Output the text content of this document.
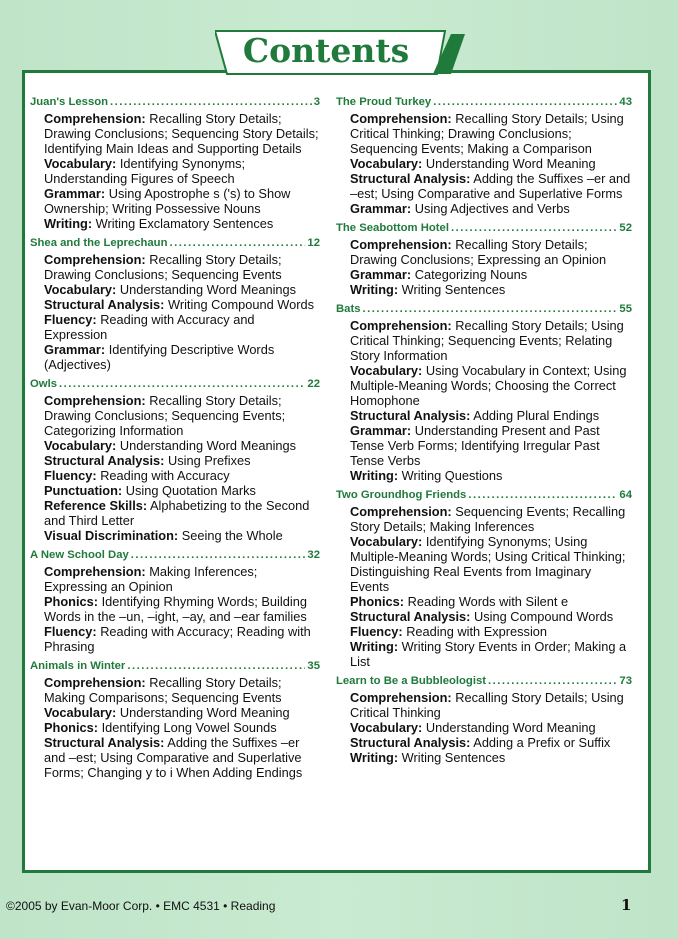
Contents
Juan's Lesson .....	3
Comprehension: Recalling Story Details; Drawing Conclusions; Sequencing Story Details; Identifying Main Ideas and Supporting Details
Vocabulary: Identifying Synonyms; Understanding Figures of Speech
Grammar: Using Apostrophe s ('s) to Show Ownership; Writing Possessive Nouns
Writing: Writing Exclamatory Sentences
Shea and the Leprechaun .....	12
Comprehension: Recalling Story Details; Drawing Conclusions; Sequencing Events
Vocabulary: Understanding Word Meanings
Structural Analysis: Writing Compound Words
Fluency: Reading with Accuracy and Expression
Grammar: Identifying Descriptive Words (Adjectives)
Owls .....	22
Comprehension: Recalling Story Details; Drawing Conclusions; Sequencing Events; Categorizing Information
Vocabulary: Understanding Word Meanings
Structural Analysis: Using Prefixes
Fluency: Reading with Accuracy
Punctuation: Using Quotation Marks
Reference Skills: Alphabetizing to the Second and Third Letter
Visual Discrimination: Seeing the Whole
A New School Day .....	32
Comprehension: Making Inferences; Expressing an Opinion
Phonics: Identifying Rhyming Words; Building Words in the –un, –ight, –ay, and –ear families
Fluency: Reading with Accuracy; Reading with Phrasing
Animals in Winter .....	35
Comprehension: Recalling Story Details; Making Comparisons; Sequencing Events
Vocabulary: Understanding Word Meaning
Phonics: Identifying Long Vowel Sounds
Structural Analysis: Adding the Suffixes –er and –est; Using Comparative and Superlative Forms; Changing y to i When Adding Endings
The Proud Turkey .....	43
Comprehension: Recalling Story Details; Using Critical Thinking; Drawing Conclusions; Sequencing Events; Making a Comparison
Vocabulary: Understanding Word Meaning
Structural Analysis: Adding the Suffixes –er and –est; Using Comparative and Superlative Forms
Grammar: Using Adjectives and Verbs
The Seabottom Hotel .....	52
Comprehension: Recalling Story Details; Drawing Conclusions; Expressing an Opinion
Grammar: Categorizing Nouns
Writing: Writing Sentences
Bats .....	55
Comprehension: Recalling Story Details; Using Critical Thinking; Sequencing Events; Relating Story Information
Vocabulary: Using Vocabulary in Context; Using Multiple-Meaning Words; Choosing the Correct Homophone
Structural Analysis: Adding Plural Endings
Grammar: Understanding Present and Past Tense Verb Forms; Identifying Irregular Past Tense Verbs
Writing: Writing Questions
Two Groundhog Friends .....	64
Comprehension: Sequencing Events; Recalling Story Details; Making Inferences
Vocabulary: Identifying Synonyms; Using Multiple-Meaning Words; Using Critical Thinking; Distinguishing Real Events from Imaginary Events
Phonics: Reading Words with Silent e
Structural Analysis: Using Compound Words
Fluency: Reading with Expression
Writing: Writing Story Events in Order; Making a List
Learn to Be a Bubbleologist .....	73
Comprehension: Recalling Story Details; Using Critical Thinking
Vocabulary: Understanding Word Meaning
Structural Analysis: Adding a Prefix or Suffix
Writing: Writing Sentences
©2005 by Evan-Moor Corp. • EMC 4531 • Reading	1
